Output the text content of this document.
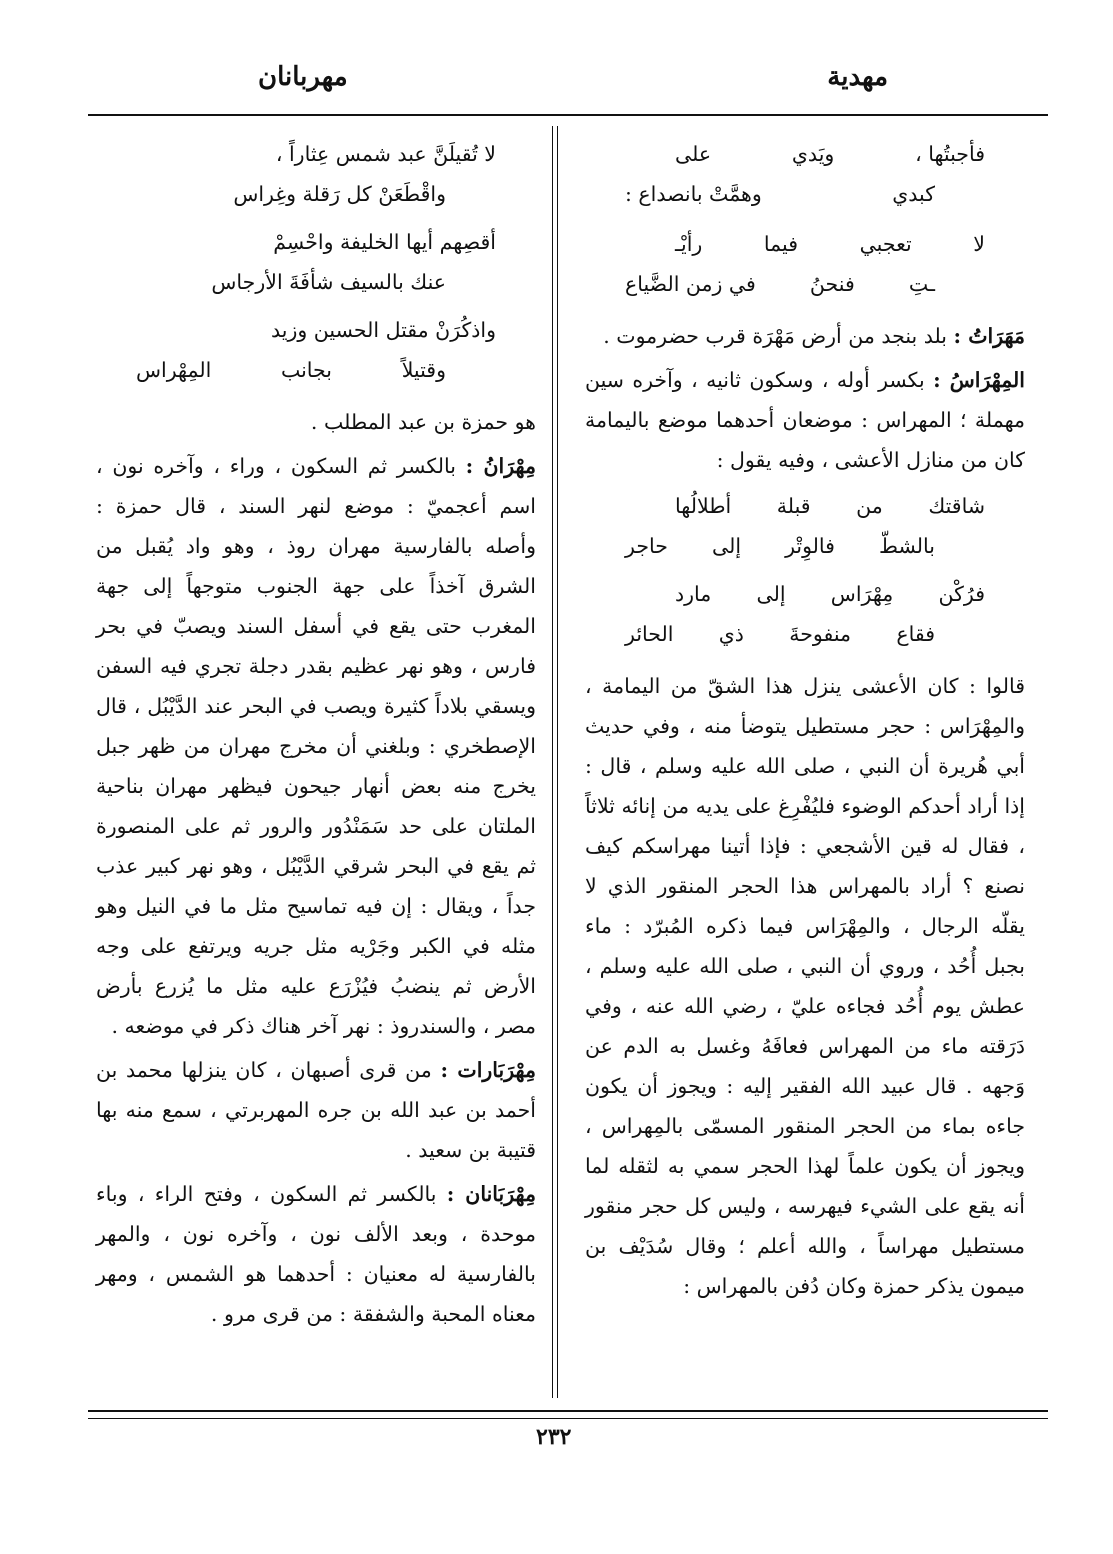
مهدية
مهربانان
فأجبتُها ،
ويَدي
على
كبدي
وهمَّتْ بانصداع :
لا
تعجبي
فيما
رأيْـ
ـتِ
فنحنُ
في زمن الضَّياع

مَهَرَاتُ : بلد بنجد من أرض مَهْرَة قرب حضرموت .

المِهْرَاسُ : بكسر أوله ، وسكون ثانيه ، وآخره سين مهملة ؛ المهراس : موضعان أحدهما موضع باليمامة كان من منازل الأعشى ، وفيه يقول :

شاقتك
من
قبلة
أطلالُها
بالشطّ
فالوِتْر
إلى
حاجر
فرُكْن
مِهْرَاس
إلى
مارد
فقاع
منفوحةَ
ذي
الحائر

قالوا : كان الأعشى ينزل هذا الشقّ من اليمامة ، والمِهْرَاس : حجر مستطيل يتوضأ منه ، وفي حديث أبي هُريرة أن النبي ، صلى الله عليه وسلم ، قال : إذا أراد أحدكم الوضوء فليُفْرِغ على يديه من إنائه ثلاثاً ، فقال له قين الأشجعي : فإذا أتينا مهراسكم كيف نصنع ؟ أراد بالمهراس هذا الحجر المنقور الذي لا يقلّه الرجال ، والمِهْرَاس فيما ذكره المُبرّد : ماء بجبل أُحُد ، وروي أن النبي ، صلى الله عليه وسلم ، عطش يوم أُحُد فجاءه عليّ ، رضي الله عنه ، وفي دَرَقته ماء من المهراس فعافَهُ وغسل به الدم عن وَجهه . قال عبيد الله الفقير إليه : ويجوز أن يكون جاءه بماء من الحجر المنقور المسمّى بالمِهراس ، ويجوز أن يكون علماً لهذا الحجر سمي به لثقله لما أنه يقع على الشيء فيهرسه ، وليس كل حجر منقور مستطيل مهراساً ، والله أعلم ؛ وقال سُدَيْف بن ميمون يذكر حمزة وكان دُفن بالمهراس :

لا تُقيلَنَّ عبد شمس عِثاراً ،
واقْطَعَنْ كل رَقلة وغِراس
أقصِهم أيها الخليفة واحْسِمْ
عنك بالسيف شأفَةَ الأرجاس
واذكُرَنْ مقتل الحسين وزيد
وقتيلاً
بجانب
المِهْراس

هو حمزة بن عبد المطلب .

مِهْرَانُ : بالكسر ثم السكون ، وراء ، وآخره نون ، اسم أعجميّ : موضع لنهر السند ، قال حمزة : وأصله بالفارسية مهران روذ ، وهو واد يُقبل من الشرق آخذاً على جهة الجنوب متوجهاً إلى جهة المغرب حتى يقع في أسفل السند ويصبّ في بحر فارس ، وهو نهر عظيم بقدر دجلة تجري فيه السفن ويسقي بلاداً كثيرة ويصب في البحر عند الدَّيْبُل ، قال الإصطخري : وبلغني أن مخرج مهران من ظهر جبل يخرج منه بعض أنهار جيحون فيظهر مهران بناحية الملتان على حد سَمَنْدُور والرور ثم على المنصورة ثم يقع في البحر شرقي الدَّيْبُل ، وهو نهر كبير عذب جداً ، ويقال : إن فيه تماسيح مثل ما في النيل وهو مثله في الكبر وجَرْيه مثل جريه ويرتفع على وجه الأرض ثم ينضبُ فيُزْرَع عليه مثل ما يُزرع بأرض مصر ، والسندروذ : نهر آخر هناك ذكر في موضعه .

مِهْرَبَارات : من قرى أصبهان ، كان ينزلها محمد بن أحمد بن عبد الله بن جره المهربرتي ، سمع منه بها قتيبة بن سعيد .

مِهْرَبَانان : بالكسر ثم السكون ، وفتح الراء ، وباء موحدة ، وبعد الألف نون ، وآخره نون ، والمهر بالفارسية له معنيان : أحدهما هو الشمس ، ومهر معناه المحبة والشفقة : من قرى مرو .

٢٣٢
